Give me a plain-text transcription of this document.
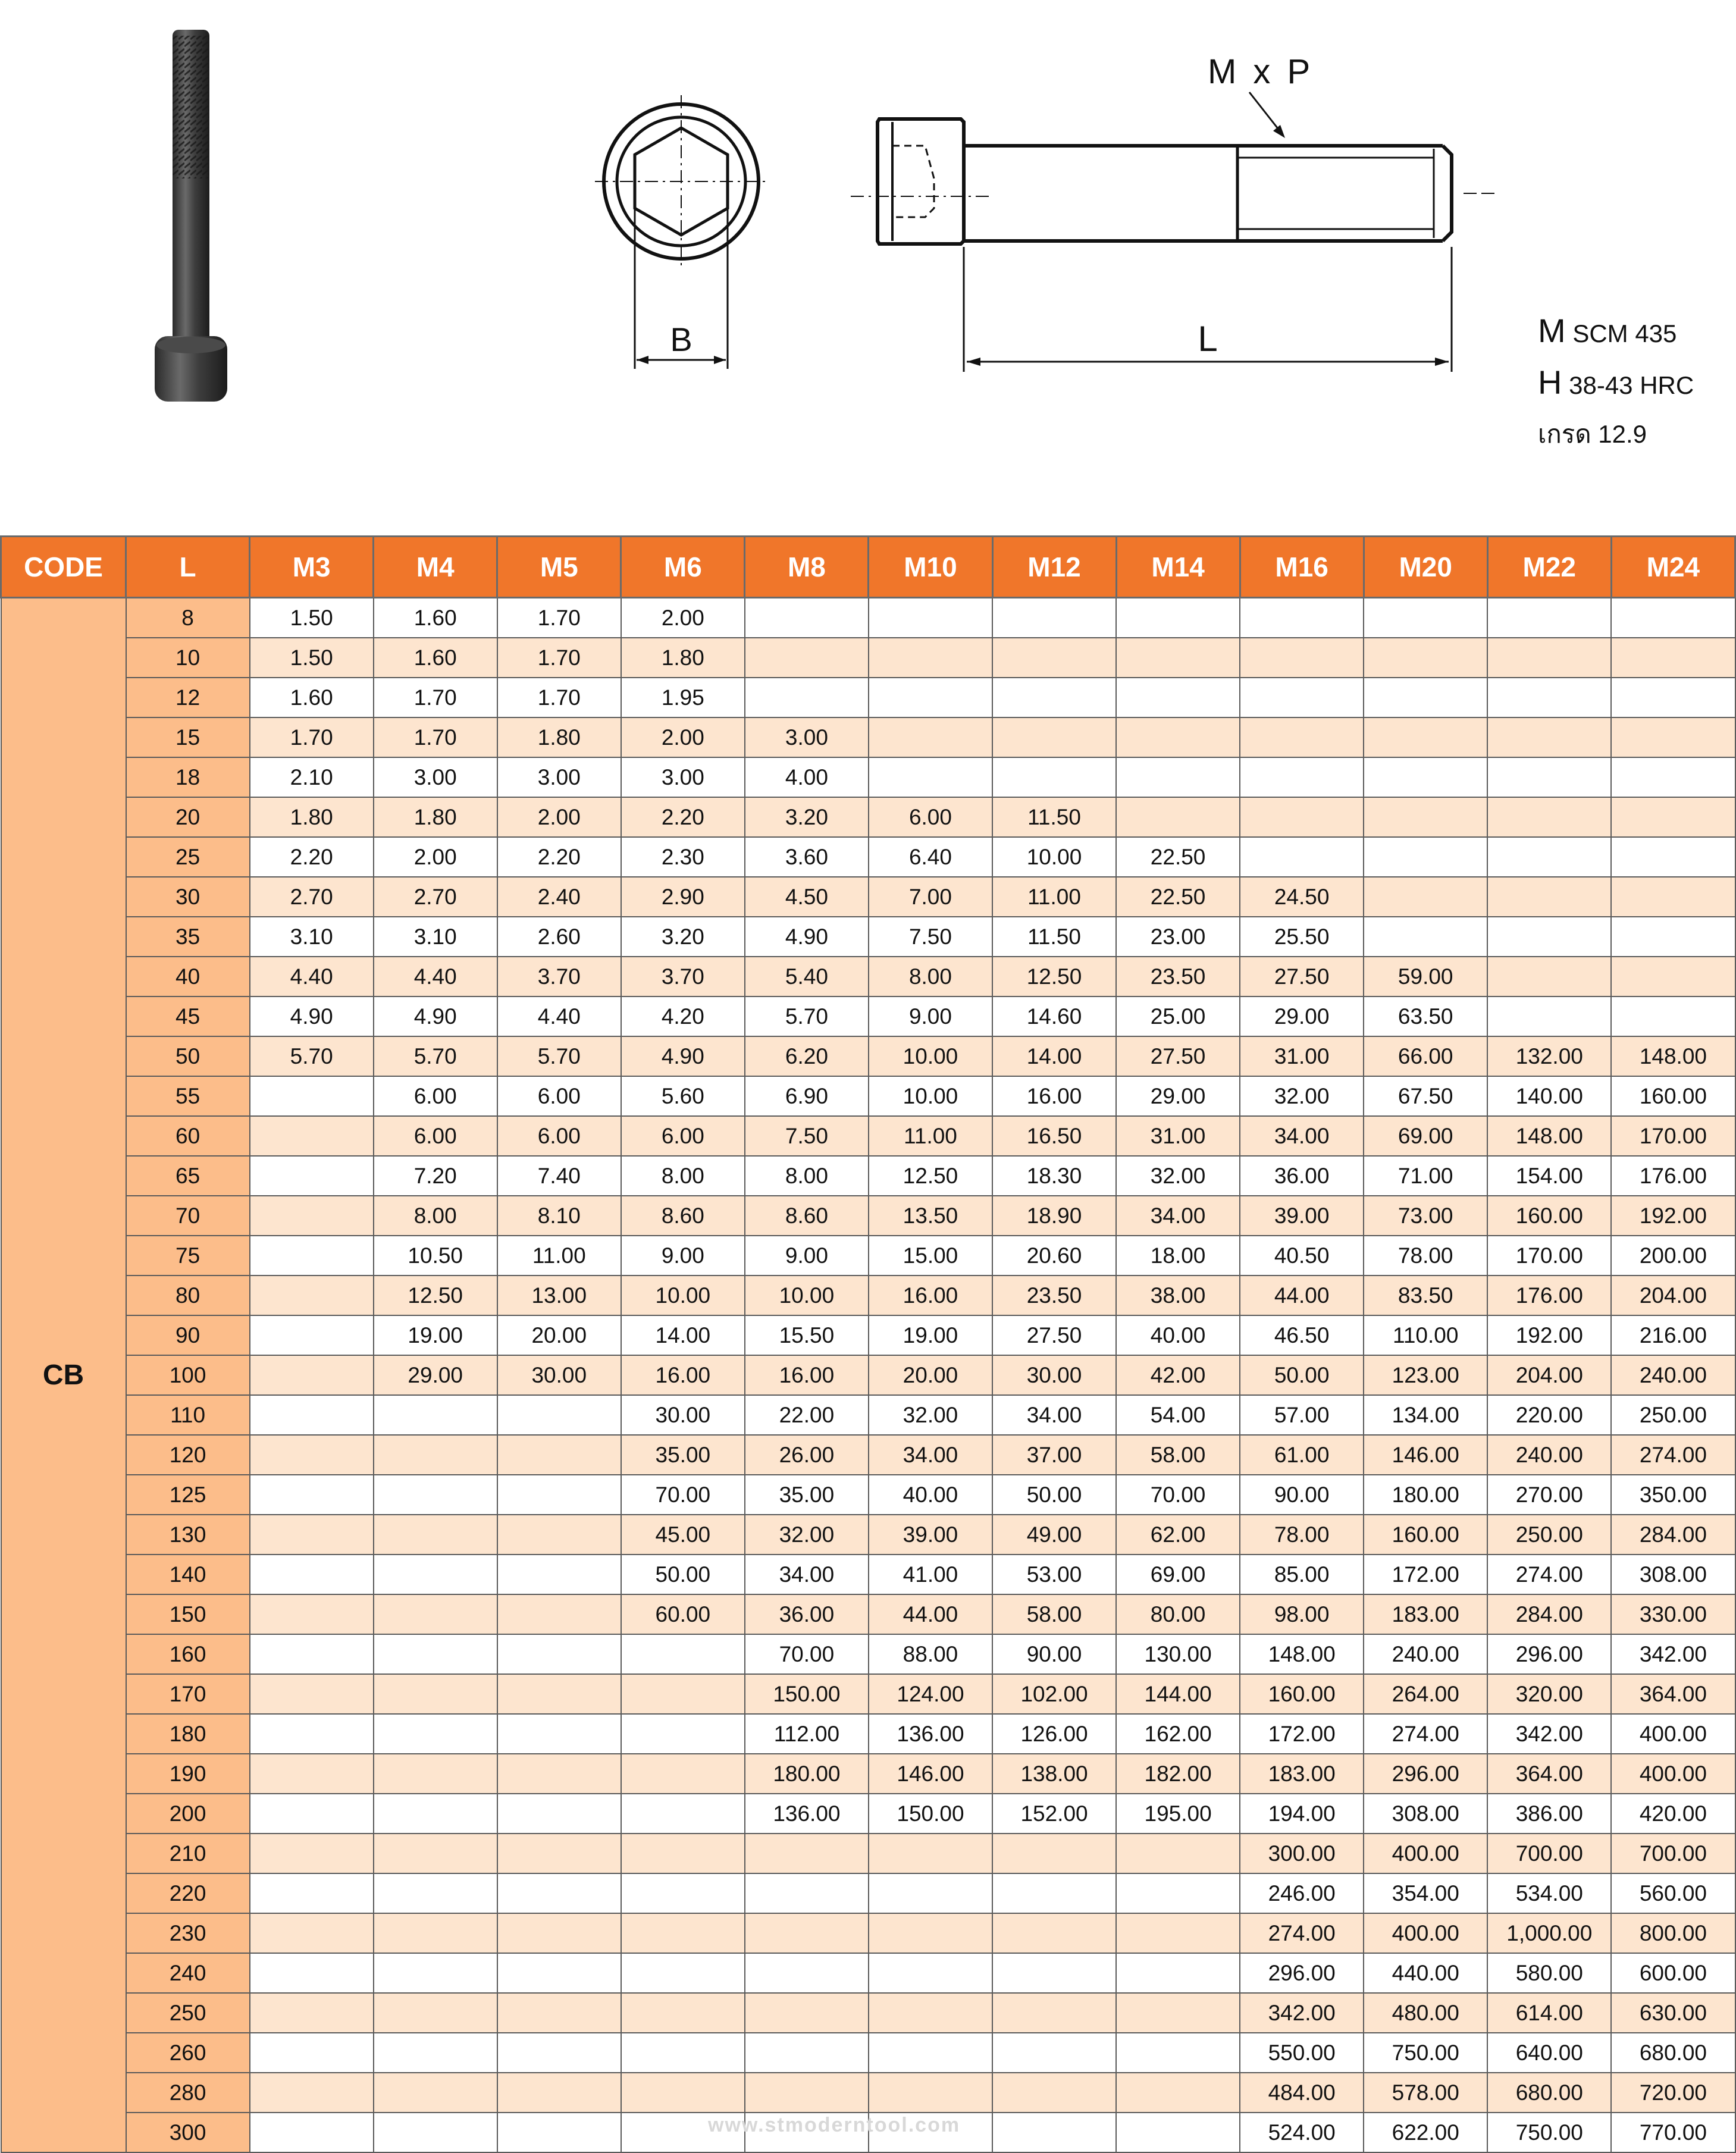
B
M x P
L	M SCM 435
H 38-43 HRC
เกรด 12.9
CODE	L	M3	M4	M5	M6	M8	M10	M12	M14	M16	M20	M22	M24
CB	8	1.50	1.60	1.70	2.00								
	10	1.50	1.60	1.70	1.80								
	12	1.60	1.70	1.70	1.95								
	15	1.70	1.70	1.80	2.00	3.00							
	18	2.10	3.00	3.00	3.00	4.00							
	20	1.80	1.80	2.00	2.20	3.20	6.00	11.50					
	25	2.20	2.00	2.20	2.30	3.60	6.40	10.00	22.50				
	30	2.70	2.70	2.40	2.90	4.50	7.00	11.00	22.50	24.50			
	35	3.10	3.10	2.60	3.20	4.90	7.50	11.50	23.00	25.50			
	40	4.40	4.40	3.70	3.70	5.40	8.00	12.50	23.50	27.50	59.00		
	45	4.90	4.90	4.40	4.20	5.70	9.00	14.60	25.00	29.00	63.50		
	50	5.70	5.70	5.70	4.90	6.20	10.00	14.00	27.50	31.00	66.00	132.00	148.00
	55		6.00	6.00	5.60	6.90	10.00	16.00	29.00	32.00	67.50	140.00	160.00
	60		6.00	6.00	6.00	7.50	11.00	16.50	31.00	34.00	69.00	148.00	170.00
	65		7.20	7.40	8.00	8.00	12.50	18.30	32.00	36.00	71.00	154.00	176.00
	70		8.00	8.10	8.60	8.60	13.50	18.90	34.00	39.00	73.00	160.00	192.00
	75		10.50	11.00	9.00	9.00	15.00	20.60	18.00	40.50	78.00	170.00	200.00
	80		12.50	13.00	10.00	10.00	16.00	23.50	38.00	44.00	83.50	176.00	204.00
	90		19.00	20.00	14.00	15.50	19.00	27.50	40.00	46.50	110.00	192.00	216.00
	100		29.00	30.00	16.00	16.00	20.00	30.00	42.00	50.00	123.00	204.00	240.00
	110				30.00	22.00	32.00	34.00	54.00	57.00	134.00	220.00	250.00
	120				35.00	26.00	34.00	37.00	58.00	61.00	146.00	240.00	274.00
	125				70.00	35.00	40.00	50.00	70.00	90.00	180.00	270.00	350.00
	130				45.00	32.00	39.00	49.00	62.00	78.00	160.00	250.00	284.00
	140				50.00	34.00	41.00	53.00	69.00	85.00	172.00	274.00	308.00
	150				60.00	36.00	44.00	58.00	80.00	98.00	183.00	284.00	330.00
	160					70.00	88.00	90.00	130.00	148.00	240.00	296.00	342.00
	170					150.00	124.00	102.00	144.00	160.00	264.00	320.00	364.00
	180					112.00	136.00	126.00	162.00	172.00	274.00	342.00	400.00
	190					180.00	146.00	138.00	182.00	183.00	296.00	364.00	400.00
	200					136.00	150.00	152.00	195.00	194.00	308.00	386.00	420.00
	210									300.00	400.00	700.00	700.00
	220									246.00	354.00	534.00	560.00
	230									274.00	400.00	1,000.00	800.00
	240									296.00	440.00	580.00	600.00
	250									342.00	480.00	614.00	630.00
	260									550.00	750.00	640.00	680.00
	280									484.00	578.00	680.00	720.00
	300									524.00	622.00	750.00	770.00
www.stmoderntool.com
